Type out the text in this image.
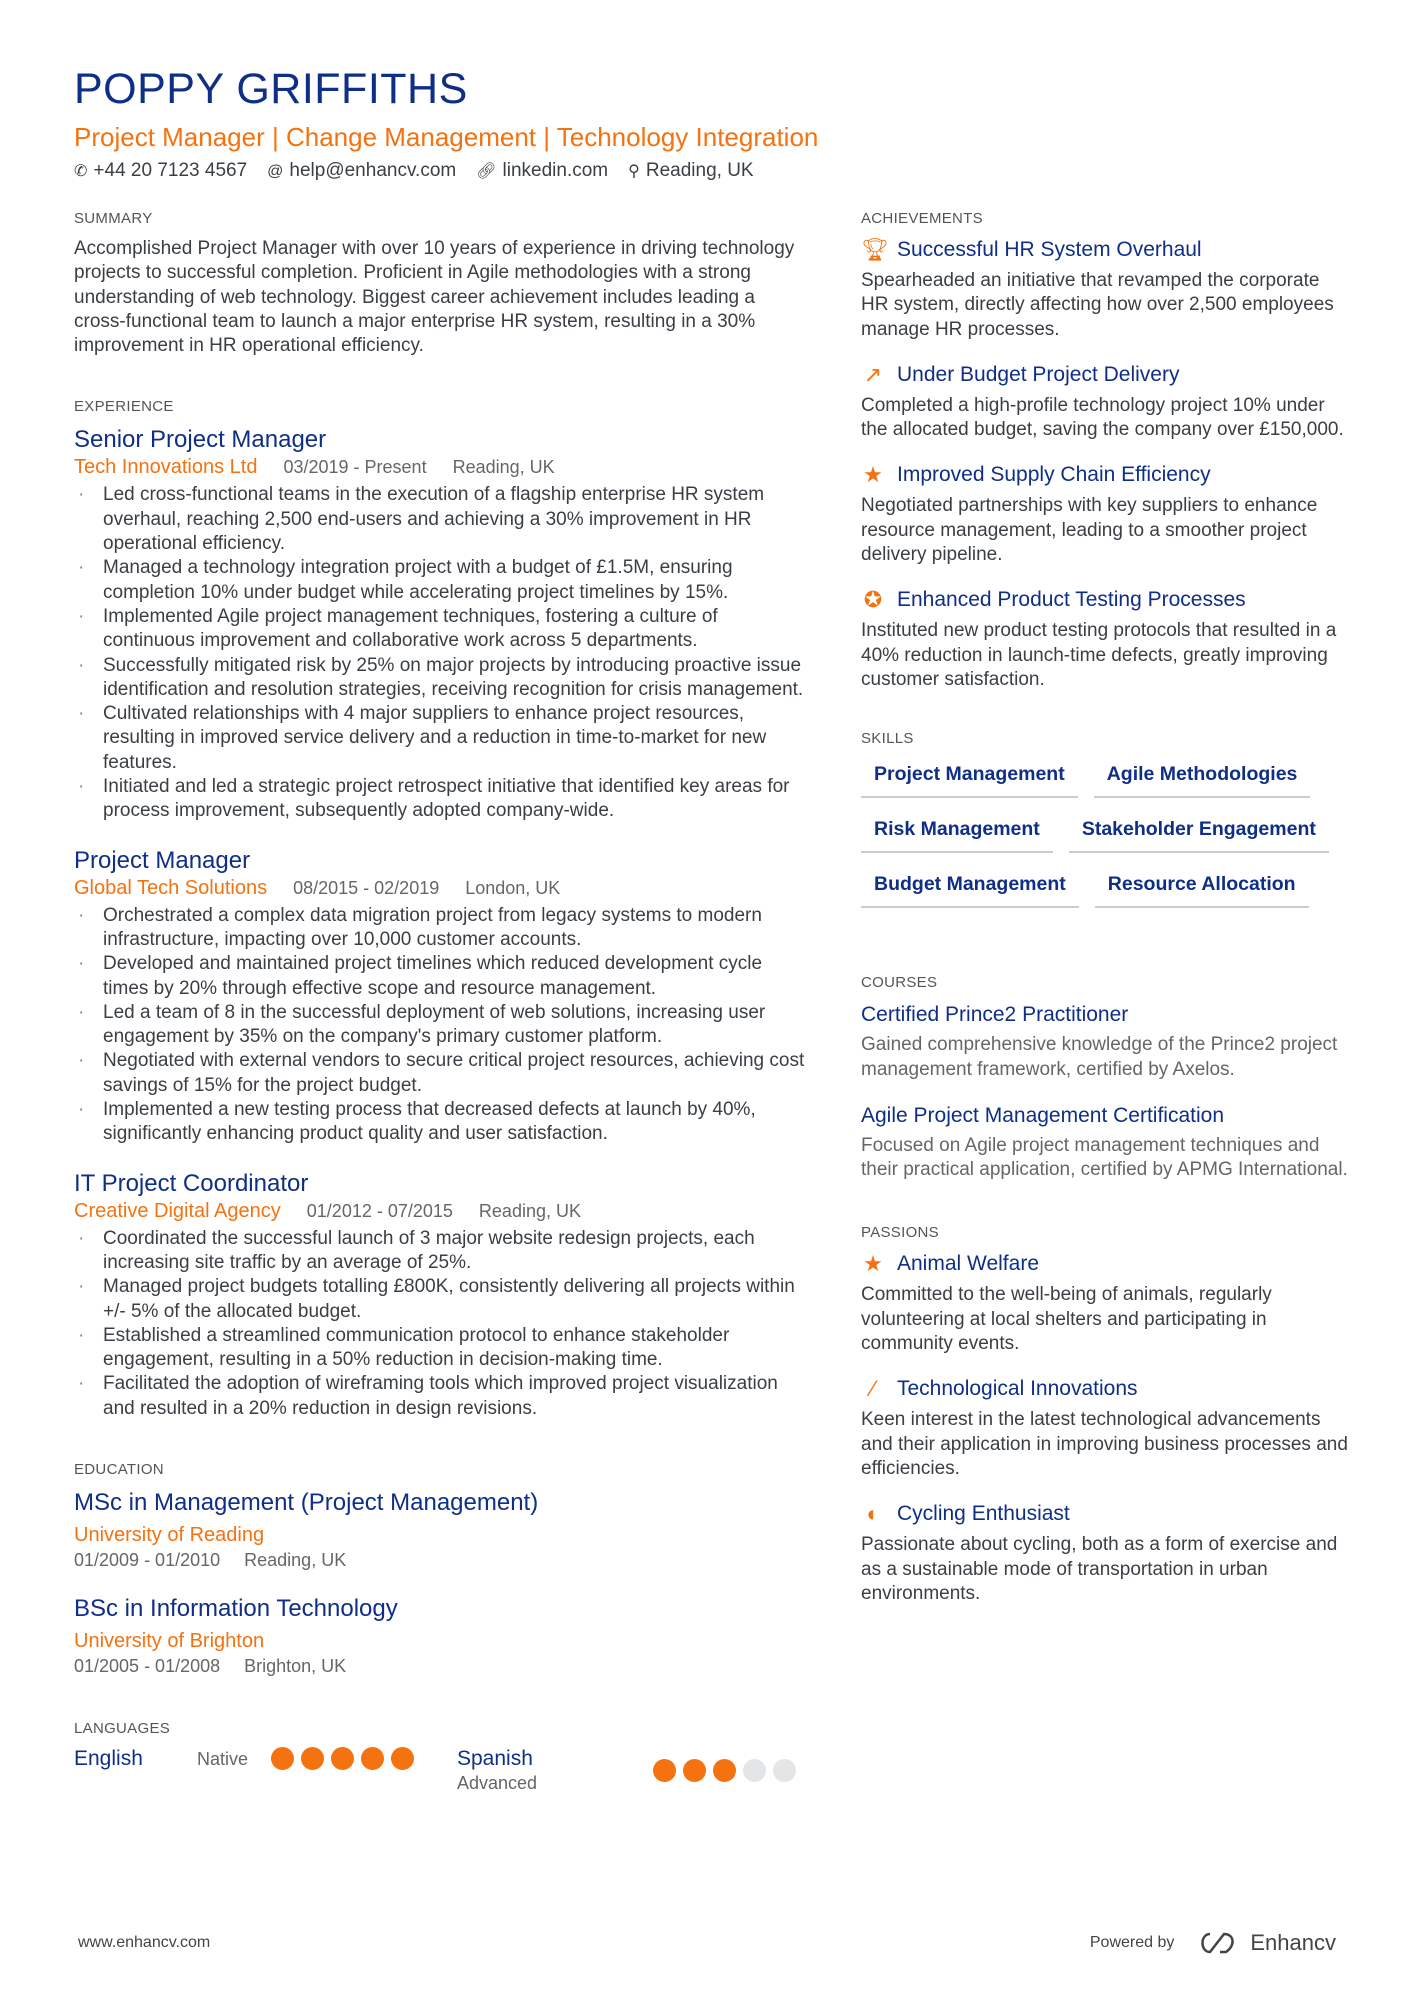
POPPY GRIFFITHS
Project Manager | Change Management | Technology Integration
✆ +44 20 7123 4567 @ help@enhancv.com 🔗︎ linkedin.com ⚲ Reading, UK
SUMMARY
Accomplished Project Manager with over 10 years of experience in driving technology projects to successful completion. Proficient in Agile methodologies with a strong understanding of web technology. Biggest career achievement includes leading a cross-functional team to launch a major enterprise HR system, resulting in a 30% improvement in HR operational efficiency.
EXPERIENCE
Senior Project Manager
Tech Innovations Ltd 03/2019 - Present Reading, UK
· Led cross-functional teams in the execution of a flagship enterprise HR system overhaul, reaching 2,500 end-users and achieving a 30% improvement in HR operational efficiency.
· Managed a technology integration project with a budget of £1.5M, ensuring completion 10% under budget while accelerating project timelines by 15%.
· Implemented Agile project management techniques, fostering a culture of continuous improvement and collaborative work across 5 departments.
· Successfully mitigated risk by 25% on major projects by introducing proactive issue identification and resolution strategies, receiving recognition for crisis management.
· Cultivated relationships with 4 major suppliers to enhance project resources, resulting in improved service delivery and a reduction in time-to-market for new features.
· Initiated and led a strategic project retrospect initiative that identified key areas for process improvement, subsequently adopted company-wide.
Project Manager
Global Tech Solutions 08/2015 - 02/2019 London, UK
· Orchestrated a complex data migration project from legacy systems to modern infrastructure, impacting over 10,000 customer accounts.
· Developed and maintained project timelines which reduced development cycle times by 20% through effective scope and resource management.
· Led a team of 8 in the successful deployment of web solutions, increasing user engagement by 35% on the company's primary customer platform.
· Negotiated with external vendors to secure critical project resources, achieving cost savings of 15% for the project budget.
· Implemented a new testing process that decreased defects at launch by 40%, significantly enhancing product quality and user satisfaction.
IT Project Coordinator
Creative Digital Agency 01/2012 - 07/2015 Reading, UK
· Coordinated the successful launch of 3 major website redesign projects, each increasing site traffic by an average of 25%.
· Managed project budgets totalling £800K, consistently delivering all projects within +/- 5% of the allocated budget.
· Established a streamlined communication protocol to enhance stakeholder engagement, resulting in a 50% reduction in decision-making time.
· Facilitated the adoption of wireframing tools which improved project visualization and resulted in a 20% reduction in design revisions.
EDUCATION
MSc in Management (Project Management)
University of Reading
01/2009 - 01/2010 Reading, UK
BSc in Information Technology
University of Brighton
01/2005 - 01/2008 Brighton, UK
LANGUAGES
English	Native	Spanish
Advanced
ACHIEVEMENTS
🏆︎ Successful HR System Overhaul
Spearheaded an initiative that revamped the corporate HR system, directly affecting how over 2,500 employees manage HR processes.
↗ Under Budget Project Delivery
Completed a high-profile technology project 10% under the allocated budget, saving the company over £150,000.
★ Improved Supply Chain Efficiency
Negotiated partnerships with key suppliers to enhance resource management, leading to a smoother project delivery pipeline.
✪ Enhanced Product Testing Processes
Instituted new product testing protocols that resulted in a 40% reduction in launch-time defects, greatly improving customer satisfaction.
SKILLS
Project Management	Agile Methodologies
Risk Management	Stakeholder Engagement
Budget Management	Resource Allocation
COURSES
Certified Prince2 Practitioner
Gained comprehensive knowledge of the Prince2 project management framework, certified by Axelos.
Agile Project Management Certification
Focused on Agile project management techniques and their practical application, certified by APMG International.
PASSIONS
★ Animal Welfare
Committed to the well-being of animals, regularly volunteering at local shelters and participating in community events.
⁄	Technological Innovations
Keen interest in the latest technological advancements and their application in improving business processes and efficiencies.
◐ Cycling Enthusiast
Passionate about cycling, both as a form of exercise and as a sustainable mode of transportation in urban environments.
www.enhancv.com	Powered by	Enhancv
